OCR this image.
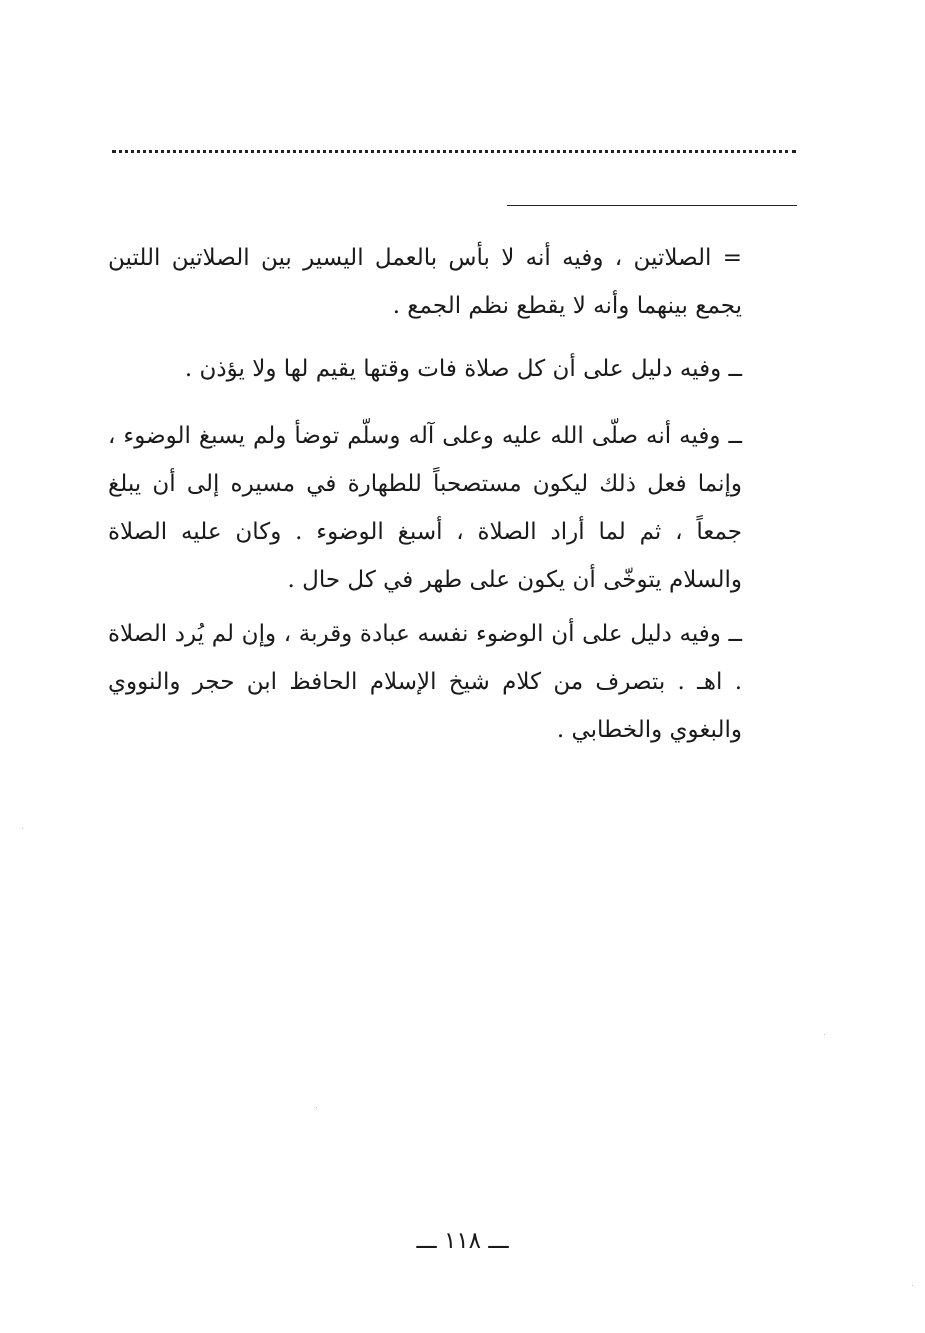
= الصلاتين ، وفيه أنه لا بأس بالعمل اليسير بين الصلاتين اللتين يجمع بينهما وأنه لا يقطع نظم الجمع .

ــ وفيه دليل على أن كل صلاة فات وقتها يقيم لها ولا يؤذن .

ــ وفيه أنه صلّى الله عليه وعلى آله وسلّم توضأ ولم يسبغ الوضوء ، وإنما فعل ذلك ليكون مستصحباً للطهارة في مسيره إلى أن يبلغ جمعاً ، ثم لما أراد الصلاة ، أسبغ الوضوء . وكان عليه الصلاة والسلام يتوخّى أن يكون على طهر في كل حال .

ــ وفيه دليل على أن الوضوء نفسه عبادة وقربة ، وإن لم يُرد الصلاة . اهـ . بتصرف من كلام شيخ الإسلام الحافظ ابن حجر والنووي والبغوي والخطابي .

ـــ ١١٨ ـــ
